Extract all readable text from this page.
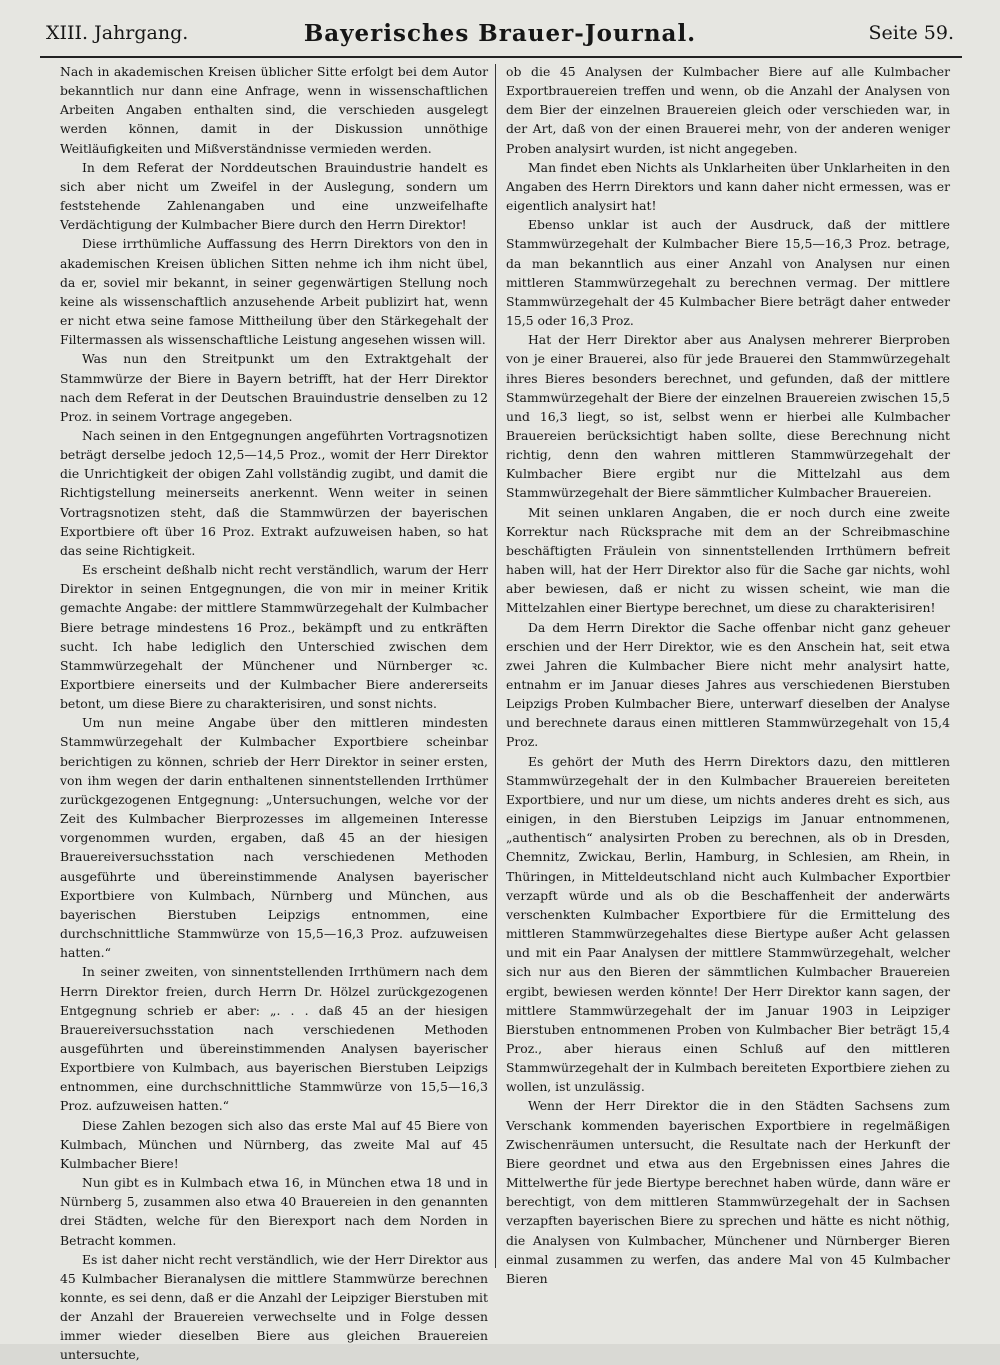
XIII. Jahrgang.	Bayerisches Brauer-Journal.	Seite 59.

Nach in akademischen Kreisen üblicher Sitte erfolgt bei dem Autor bekanntlich nur dann eine Anfrage, wenn in wissenschaftlichen Arbeiten Angaben enthalten sind, die verschieden ausgelegt werden können, damit in der Diskussion unnöthige Weitläufigkeiten und Mißverständnisse vermieden werden.

In dem Referat der Norddeutschen Brauindustrie handelt es sich aber nicht um Zweifel in der Auslegung, sondern um feststehende Zahlenangaben und eine unzweifelhafte Verdächtigung der Kulmbacher Biere durch den Herrn Direktor!

Diese irrthümliche Auffassung des Herrn Direktors von den in akademischen Kreisen üblichen Sitten nehme ich ihm nicht übel, da er, soviel mir bekannt, in seiner gegenwärtigen Stellung noch keine als wissenschaftlich anzusehende Arbeit publizirt hat, wenn er nicht etwa seine famose Mittheilung über den Stärkegehalt der Filtermassen als wissenschaftliche Leistung angesehen wissen will.

Was nun den Streitpunkt um den Extraktgehalt der Stammwürze der Biere in Bayern betrifft, hat der Herr Direktor nach dem Referat in der Deutschen Brauindustrie denselben zu 12 Proz. in seinem Vortrage angegeben.

Nach seinen in den Entgegnungen angeführten Vortragsnotizen beträgt derselbe jedoch 12,5—14,5 Proz., womit der Herr Direktor die Unrichtigkeit der obigen Zahl vollständig zugibt, und damit die Richtigstellung meinerseits anerkennt. Wenn weiter in seinen Vortragsnotizen steht, daß die Stammwürzen der bayerischen Exportbiere oft über 16 Proz. Extrakt aufzuweisen haben, so hat das seine Richtigkeit.

Es erscheint deßhalb nicht recht verständlich, warum der Herr Direktor in seinen Entgegnungen, die von mir in meiner Kritik gemachte Angabe: der mittlere Stammwürzegehalt der Kulmbacher Biere betrage mindestens 16 Proz., bekämpft und zu entkräften sucht. Ich habe lediglich den Unterschied zwischen dem Stammwürzegehalt der Münchener und Nürnberger ꝛc. Exportbiere einerseits und der Kulmbacher Biere andererseits betont, um diese Biere zu charakterisiren, und sonst nichts.

Um nun meine Angabe über den mittleren mindesten Stammwürzegehalt der Kulmbacher Exportbiere scheinbar berichtigen zu können, schrieb der Herr Direktor in seiner ersten, von ihm wegen der darin enthaltenen sinnentstellenden Irrthümer zurückgezogenen Entgegnung: „Untersuchungen, welche vor der Zeit des Kulmbacher Bierprozesses im allgemeinen Interesse vorgenommen wurden, ergaben, daß 45 an der hiesigen Brauereiversuchsstation nach verschiedenen Methoden ausgeführte und übereinstimmende Analysen bayerischer Exportbiere von Kulmbach, Nürnberg und München, aus bayerischen Bierstuben Leipzigs entnommen, eine durchschnittliche Stammwürze von 15,5—16,3 Proz. aufzuweisen hatten.“

In seiner zweiten, von sinnentstellenden Irrthümern nach dem Herrn Direktor freien, durch Herrn Dr. Hölzel zurückgezogenen Entgegnung schrieb er aber: „. . . daß 45 an der hiesigen Brauereiversuchsstation nach verschiedenen Methoden ausgeführten und übereinstimmenden Analysen bayerischer Exportbiere von Kulmbach, aus bayerischen Bierstuben Leipzigs entnommen, eine durchschnittliche Stammwürze von 15,5—16,3 Proz. aufzuweisen hatten.“

Diese Zahlen bezogen sich also das erste Mal auf 45 Biere von Kulmbach, München und Nürnberg, das zweite Mal auf 45 Kulmbacher Biere!

Nun gibt es in Kulmbach etwa 16, in München etwa 18 und in Nürnberg 5, zusammen also etwa 40 Brauereien in den genannten drei Städten, welche für den Bierexport nach dem Norden in Betracht kommen.

Es ist daher nicht recht verständlich, wie der Herr Direktor aus 45 Kulmbacher Bieranalysen die mittlere Stammwürze berechnen konnte, es sei denn, daß er die Anzahl der Leipziger Bierstuben mit der Anzahl der Brauereien verwechselte und in Folge dessen immer wieder dieselben Biere aus gleichen Brauereien untersuchte,

ob die 45 Analysen der Kulmbacher Biere auf alle Kulmbacher Exportbrauereien treffen und wenn, ob die Anzahl der Analysen von dem Bier der einzelnen Brauereien gleich oder verschieden war, in der Art, daß von der einen Brauerei mehr, von der anderen weniger Proben analysirt wurden, ist nicht angegeben.

Man findet eben Nichts als Unklarheiten über Unklarheiten in den Angaben des Herrn Direktors und kann daher nicht ermessen, was er eigentlich analysirt hat!

Ebenso unklar ist auch der Ausdruck, daß der mittlere Stammwürzegehalt der Kulmbacher Biere 15,5—16,3 Proz. betrage, da man bekanntlich aus einer Anzahl von Analysen nur einen mittleren Stammwürzegehalt zu berechnen vermag. Der mittlere Stammwürzegehalt der 45 Kulmbacher Biere beträgt daher entweder 15,5 oder 16,3 Proz.

Hat der Herr Direktor aber aus Analysen mehrerer Bierproben von je einer Brauerei, also für jede Brauerei den Stammwürzegehalt ihres Bieres besonders berechnet, und gefunden, daß der mittlere Stammwürzegehalt der Biere der einzelnen Brauereien zwischen 15,5 und 16,3 liegt, so ist, selbst wenn er hierbei alle Kulmbacher Brauereien berücksichtigt haben sollte, diese Berechnung nicht richtig, denn den wahren mittleren Stammwürzegehalt der Kulmbacher Biere ergibt nur die Mittelzahl aus dem Stammwürzegehalt der Biere sämmtlicher Kulmbacher Brauereien.

Mit seinen unklaren Angaben, die er noch durch eine zweite Korrektur nach Rücksprache mit dem an der Schreibmaschine beschäftigten Fräulein von sinnentstellenden Irrthümern befreit haben will, hat der Herr Direktor also für die Sache gar nichts, wohl aber bewiesen, daß er nicht zu wissen scheint, wie man die Mittelzahlen einer Biertype berechnet, um diese zu charakterisiren!

Da dem Herrn Direktor die Sache offenbar nicht ganz geheuer erschien und der Herr Direktor, wie es den Anschein hat, seit etwa zwei Jahren die Kulmbacher Biere nicht mehr analysirt hatte, entnahm er im Januar dieses Jahres aus verschiedenen Bierstuben Leipzigs Proben Kulmbacher Biere, unterwarf dieselben der Analyse und berechnete daraus einen mittleren Stammwürzegehalt von 15,4 Proz.

Es gehört der Muth des Herrn Direktors dazu, den mittleren Stammwürzegehalt der in den Kulmbacher Brauereien bereiteten Exportbiere, und nur um diese, um nichts anderes dreht es sich, aus einigen, in den Bierstuben Leipzigs im Januar entnommenen, „authentisch“ analysirten Proben zu berechnen, als ob in Dresden, Chemnitz, Zwickau, Berlin, Hamburg, in Schlesien, am Rhein, in Thüringen, in Mitteldeutschland nicht auch Kulmbacher Exportbier verzapft würde und als ob die Beschaffenheit der anderwärts verschenkten Kulmbacher Exportbiere für die Ermittelung des mittleren Stammwürzegehaltes diese Biertype außer Acht gelassen und mit ein Paar Analysen der mittlere Stammwürzegehalt, welcher sich nur aus den Bieren der sämmtlichen Kulmbacher Brauereien ergibt, bewiesen werden könnte! Der Herr Direktor kann sagen, der mittlere Stammwürzegehalt der im Januar 1903 in Leipziger Bierstuben entnommenen Proben von Kulmbacher Bier beträgt 15,4 Proz., aber hieraus einen Schluß auf den mittleren Stammwürzegehalt der in Kulmbach bereiteten Exportbiere ziehen zu wollen, ist unzulässig.

Wenn der Herr Direktor die in den Städten Sachsens zum Verschank kommenden bayerischen Exportbiere in regelmäßigen Zwischenräumen untersucht, die Resultate nach der Herkunft der Biere geordnet und etwa aus den Ergebnissen eines Jahres die Mittelwerthe für jede Biertype berechnet haben würde, dann wäre er berechtigt, von dem mittleren Stammwürzegehalt der in Sachsen verzapften bayerischen Biere zu sprechen und hätte es nicht nöthig, die Analysen von Kulmbacher, Münchener und Nürnberger Bieren einmal zusammen zu werfen, das andere Mal von 45 Kulmbacher Bieren
